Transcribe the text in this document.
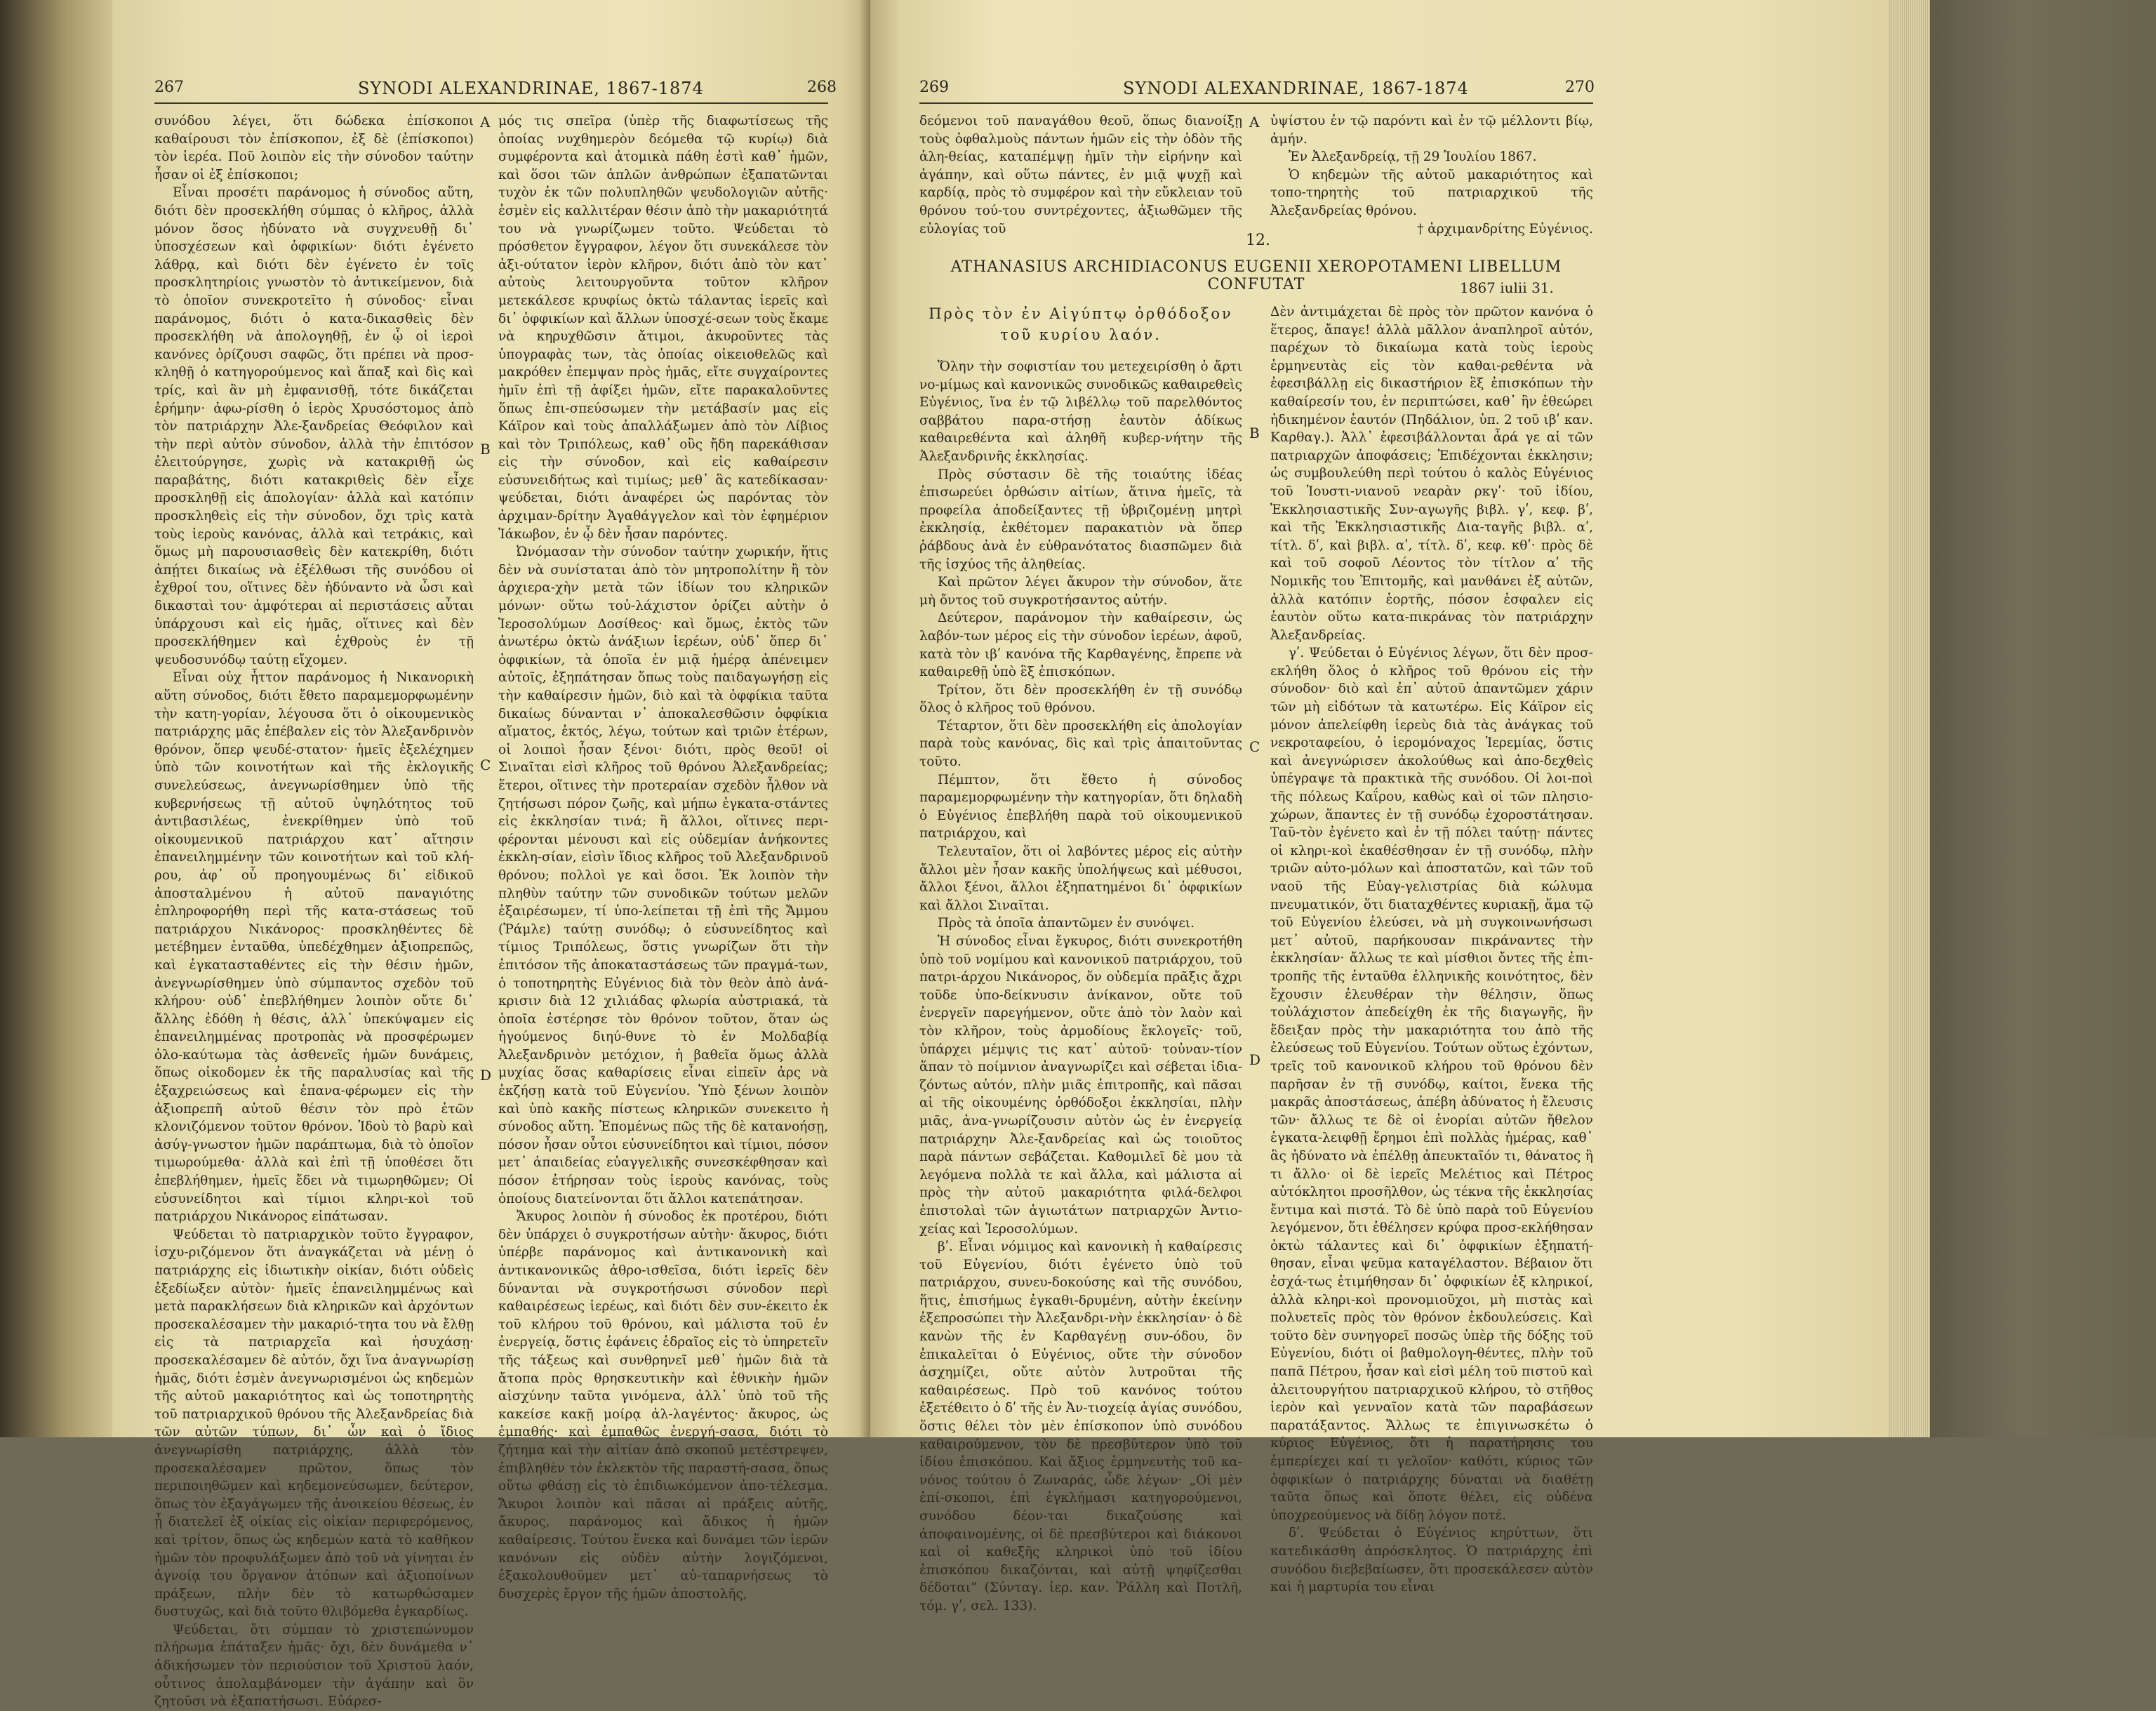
267	SYNODI ALEXANDRINAE, 1867-1874	268

συνόδου λέγει, ὅτι δώδεκα ἐπίσκοποι καθαίρουσι τὸν ἐπίσκοπον, ἐξ δὲ (ἐπίσκοποι) τὸν ἱερέα. Ποῦ λοιπὸν εἰς τὴν σύνοδον ταύτην ἦσαν οἱ ἐξ ἐπίσκοποι;

Εἶναι προσέτι παράνομος ἡ σύνοδος αὕτη, διότι δὲν προσεκλήθη σύμπας ὁ κλῆρος, ἀλλὰ μόνον ὅσος ἠδύνατο νὰ συγχνευθῇ δι᾽ ὑποσχέσεων καὶ ὀφφικίων· διότι ἐγένετο λάθρᾳ, καὶ διότι δὲν ἐγένετο ἐν τοῖς προσκλητηρίοις γνωστὸν τὸ ἀντικείμενον, διὰ τὸ ὁποῖον συνεκροτεῖτο ἡ σύνοδος· εἶναι παράνομος, διότι ὁ κατα-δικασθεὶς δὲν προσεκλήθη νὰ ἀπολογηθῇ, ἐν ᾧ οἱ ἱεροὶ κανόνες ὁρίζουσι σαφῶς, ὅτι πρέπει νὰ προσ-κληθῇ ὁ κατηγορούμενος καὶ ἅπαξ καὶ δὶς καὶ τρίς, καὶ ἂν μὴ ἐμφανισθῇ, τότε δικάζεται ἐρήμην· ἀφω-ρίσθη ὁ ἱερὸς Χρυσόστομος ἀπὸ τὸν πατριάρχην Ἀλε-ξανδρείας Θεόφιλον καὶ τὴν περὶ αὐτὸν σύνοδον, ἀλλὰ τὴν ἐπιτόσον ἐλειτούργησε, χωρὶς νὰ κατακριθῇ ὡς παραβάτης, διότι κατακριθεὶς δὲν εἶχε προσκληθῇ εἰς ἀπολογίαν· ἀλλὰ καὶ κατόπιν προσκληθεὶς εἰς τὴν σύνοδον, ὄχι τρὶς κατὰ τοὺς ἱεροὺς κανόνας, ἀλλὰ καὶ τετράκις, καὶ ὅμως μὴ παρουσιασθεὶς δὲν κατεκρίθη, διότι ἀπῄτει δικαίως νὰ ἐξέλθωσι τῆς συνόδου οἱ ἐχθροί του, οἵτινες δὲν ἠδύναντο νὰ ὦσι καὶ δικασταὶ του· ἀμφότεραι αἱ περιστάσεις αὗται ὑπάρχουσι καὶ εἰς ἡμᾶς, οἵτινες καὶ δὲν προσεκλήθημεν καὶ ἐχθροὺς ἐν τῇ ψευδοσυνόδῳ ταύτῃ εἴχομεν.

Εἶναι οὐχ ἧττον παράνομος ἡ Νικανορικὴ αὕτη σύνοδος, διότι ἔθετο παραμεμορφωμένην τὴν κατη-γορίαν, λέγουσα ὅτι ὁ οἰκουμενικὸς πατριάρχης μᾶς ἐπέβαλεν εἰς τὸν Ἀλεξανδρινὸν θρόνον, ὅπερ ψευδέ-στατον· ἡμεῖς ἐξελέχημεν ὑπὸ τῶν κοινοτήτων καὶ τῆς ἐκλογικῆς συνελεύσεως, ἀνεγνωρίσθημεν ὑπὸ τῆς κυβερνήσεως τῇ αὐτοῦ ὑψηλότητος τοῦ ἀντιβασιλέως, ἐνεκρίθημεν ὑπὸ τοῦ οἰκουμενικοῦ πατριάρχου κατ᾽ αἴτησιν ἐπανειλημμένην τῶν κοινοτήτων καὶ τοῦ κλή-ρου, ἀφ᾽ οὗ προηγουμένως δι᾽ εἰδικοῦ ἀποσταλμένου ἡ αὐτοῦ παναγιότης ἐπληροφορήθη περὶ τῆς κατα-στάσεως τοῦ πατριάρχου Νικάνορος· προσκληθέντες δὲ μετέβημεν ἐνταῦθα, ὑπεδέχθημεν ἀξιοπρεπῶς, καὶ ἐγκατασταθέντες εἰς τὴν θέσιν ἡμῶν, ἀνεγνωρίσθημεν ὑπὸ σύμπαντος σχεδὸν τοῦ κλήρου· οὐδ᾽ ἐπεβλήθημεν λοιπὸν οὔτε δι᾽ ἄλλης ἐδόθη ἡ θέσις, ἀλλ᾽ ὑπεκύψαμεν εἰς ἐπανειλημμένας προτροπὰς νὰ προσφέρωμεν ὁλο-καύτωμα τὰς ἀσθενεῖς ἡμῶν δυνάμεις, ὅπως οἰκοδομεν ἐκ τῆς παραλυσίας καὶ τῆς ἐξαχρειώσεως καὶ ἐπανα-φέρωμεν εἰς τὴν ἀξιοπρεπῆ αὐτοῦ θέσιν τὸν πρὸ ἐτῶν κλονιζόμενον τοῦτον θρόνον. Ἰδοὺ τὸ βαρὺ καὶ ἀσύγ-γνωστον ἡμῶν παράπτωμα, διὰ τὸ ὁποῖον τιμωρούμεθα· ἀλλὰ καὶ ἐπὶ τῇ ὑποθέσει ὅτι ἐπεβλήθημεν, ἡμεῖς ἔδει νὰ τιμωρηθῶμεν; Οἱ εὐσυνείδητοι καὶ τίμιοι κληρι-κοὶ τοῦ πατριάρχου Νικάνορος εἰπάτωσαν.

Ψεύδεται τὸ πατριαρχικὸν τοῦτο ἔγγραφον, ἰσχυ-ριζόμενον ὅτι ἀναγκάζεται νὰ μένῃ ὁ πατριάρχης εἰς ἰδιωτικὴν οἰκίαν, διότι οὐδεὶς ἐξεδίωξεν αὐτὸν· ἡμεῖς ἐπανειλημμένως καὶ μετὰ παρακλήσεων διὰ κληρικῶν καὶ ἀρχόντων προσεκαλέσαμεν τὴν μακαριό-τητα του νὰ ἔλθῃ εἰς τὰ πατριαρχεῖα καὶ ἡσυχάσῃ· προσεκαλέσαμεν δὲ αὐτόν, ὄχι ἵνα ἀναγνωρίσῃ ἡμᾶς, διότι ἐσμὲν ἀνεγνωρισμένοι ὡς κηδεμὼν τῆς αὐτοῦ μακαριότητος καὶ ὡς τοποτηρητὴς τοῦ πατριαρχικοῦ θρόνου τῆς Ἀλεξανδρείας διὰ τῶν αὐτῶν τύπων, δι᾽ ὧν καὶ ὁ ἴδιος ἀνεγνωρίσθη πατριάρχης, ἀλλὰ τὸν προσεκαλέσαμεν πρῶτον, ὅπως τὸν περιποιηθῶμεν καὶ κηδεμονεύσωμεν, δεύτερον, ὅπως τὸν ἐξαγάγωμεν τῆς ἀνοικείου θέσεως, ἐν ᾗ διατελεῖ ἐξ οἰκίας εἰς οἰκίαν περιφερόμενος, καὶ τρίτον, ὅπως ὡς κηδεμὼν κατὰ τὸ καθῆκον ἡμῶν τὸν προφυλάξωμεν ἀπὸ τοῦ νὰ γίνηται ἐν ἀγνοίᾳ του ὄργανον ἀτόπων καὶ ἀξιοποίνων πράξεων, πλὴν δὲν τὸ κατωρθώσαμεν δυστυχῶς, καὶ διὰ τοῦτο θλιβόμεθα ἐγκαρδίως.

Ψεύδεται, ὅτι σύμπαν τὸ χριστεπώνυμον πλήρωμα ἐπάταξεν ἡμᾶς· ὄχι, δὲν δυνάμεθα ν᾽ ἀδικήσωμεν τὸν περιούσιον τοῦ Χριστοῦ λαόν, οὗτινος ἀπολαμβάνομεν τὴν ἀγάπην καὶ ὃν ζητοῦσι νὰ ἐξαπατήσωσι. Εὐάρεσ-

A
B
C
D

μός τις σπεῖρα (ὑπὲρ τῆς διαφωτίσεως τῆς ὁποίας νυχθημερὸν δεόμεθα τῷ κυρίῳ) διὰ συμφέροντα καὶ ἀτομικὰ πάθη ἐστὶ καθ᾽ ἡμῶν, καὶ ὅσοι τῶν ἁπλῶν ἀνθρώπων ἐξαπατῶνται τυχὸν ἐκ τῶν πολυπληθῶν ψευδολογιῶν αὐτῆς· ἐσμὲν εἰς καλλιτέραν θέσιν ἀπὸ τὴν μακαριότητά του νὰ γνωρίζωμεν τοῦτο. Ψεύδεται τὸ πρόσθετον ἔγγραφον, λέγον ὅτι συνεκάλεσε τὸν ἀξι-ούτατον ἱερὸν κλῆρον, διότι ἀπὸ τὸν κατ᾽ αὐτοὺς λειτουργοῦντα τοῦτον κλῆρον μετεκάλεσε κρυφίως ὀκτὼ τάλαντας ἱερεῖς καὶ δι᾽ ὀφφικίων καὶ ἄλλων ὑποσχέ-σεων τοὺς ἔκαμε νὰ κηρυχθῶσιν ἄτιμοι, ἀκυροῦντες τὰς ὑπογραφὰς των, τὰς ὁποίας οἰκειοθελῶς καὶ μακρόθεν ἐπεμψαν πρὸς ἡμᾶς, εἴτε συγχαίροντες ἡμῖν ἐπὶ τῇ ἀφίξει ἡμῶν, εἴτε παρακαλοῦντες ὅπως ἐπι-σπεύσωμεν τὴν μετάβασίν μας εἰς Κάϊρον καὶ τοὺς ἀπαλλάξωμεν ἀπὸ τὸν Λίβιος καὶ τὸν Τριπόλεως, καθ᾽ οὓς ἤδη παρεκάθισαν εἰς τὴν σύνοδον, καὶ εἰς καθαίρεσιν εὐσυνειδήτως καὶ τιμίως; μεθ᾽ ἃς κατεδίκασαν· ψεύδεται, διότι ἀναφέρει ὡς παρόντας τὸν ἀρχιμαν-δρίτην Ἀγαθάγγελον καὶ τὸν ἐφημέριον Ἰάκωβον, ἐν ᾧ δὲν ἦσαν παρόντες.

Ὠνόμασαν τὴν σύνοδον ταύτην χωρικήν, ἥτις δὲν νὰ συνίσταται ἀπὸ τὸν μητροπολίτην ἢ τὸν ἀρχιερα-χὴν μετὰ τῶν ἰδίων του κληρικῶν μόνων· οὕτω τοὐ-λάχιστον ὁρίζει αὐτὴν ὁ Ἱεροσολύμων Δοσίθεος· καὶ ὅμως, ἐκτὸς τῶν ἀνωτέρω ὀκτὼ ἀνάξιων ἱερέων, οὐδ᾽ ὅπερ δι᾽ ὀφφικίων, τὰ ὁποῖα ἐν μιᾷ ἡμέρᾳ ἀπένειμεν αὐτοῖς, ἐξηπάτησαν ὅπως τοὺς παιδαγωγήσῃ εἰς τὴν καθαίρεσιν ἡμῶν, διὸ καὶ τὰ ὀφφίκια ταῦτα δικαίως δύνανται ν᾽ ἀποκαλεσθῶσιν ὀφφίκια αἵματος, ἐκτός, λέγω, τούτων καὶ τριῶν ἑτέρων, οἱ λοιποὶ ἦσαν ξένοι· διότι, πρὸς θεοῦ! οἱ Σιναῖται εἰσὶ κλῆρος τοῦ θρόνου Ἀλεξανδρείας; ἕτεροι, οἵτινες τὴν προτεραίαν σχεδὸν ἦλθον νὰ ζητήσωσι πόρον ζωῆς, καὶ μήπω ἐγκατα-στάντες εἰς ἐκκλησίαν τινά; ἢ ἄλλοι, οἵτινες περι-φέρονται μένουσι καὶ εἰς οὐδεμίαν ἀνήκοντες ἐκκλη-σίαν, εἰσὶν ἴδιος κλῆρος τοῦ Ἀλεξανδρινοῦ θρόνου; πολλοὶ γε καὶ ὅσοι. Ἐκ λοιπὸν τὴν πληθὺν ταύτην τῶν συνοδικῶν τούτων μελῶν ἐξαιρέσωμεν, τί ὑπο-λείπεται τῇ ἐπὶ τῆς Ἄμμου (Ῥάμλε) ταύτῃ συνόδῳ; ὁ εὐσυνείδητος καὶ τίμιος Τριπόλεως, ὅστις γνωρίζων ὅτι τὴν ἐπιτόσον τῆς ἀποκαταστάσεως τῶν πραγμά-των, ὁ τοποτηρητὴς Εὐγένιος διὰ τὸν θεὸν ἀπὸ ἀνά-κρισιν διὰ 12 χιλιάδας φλωρία αὐστριακά, τὰ ὁποῖα ἐστέρησε τὸν θρόνον τοῦτον, ὅταν ὡς ἡγούμενος διηύ-θυνε τὸ ἐν Μολδαβίᾳ Ἀλεξανδρινὸν μετόχιον, ἡ βαθεῖα ὅμως ἀλλὰ μυχίας ὅσας καθαρίσεις εἶναι εἰπεῖν ἀρς νὰ ἐκζήσῃ κατὰ τοῦ Εὐγενίου. Ὑπὸ ξένων λοιπὸν καὶ ὑπὸ κακῆς πίστεως κληρικῶν συνεκειτο ἡ σύνοδος αὕτη. Ἐπομένως πῶς τῆς δὲ κατανοήσῃ, πόσον ἦσαν οὗτοι εὐσυνείδητοι καὶ τίμιοι, πόσον μετ᾽ ἀπαιδείας εὐαγγελικῆς συνεσκέφθησαν καὶ πόσον ἐτήρησαν τοὺς ἱεροὺς κανόνας, τοὺς ὁποίους διατείνονται ὅτι ἄλλοι κατεπάτησαν.

Ἄκυρος λοιπὸν ἡ σύνοδος ἐκ προτέρου, διότι δὲν ὑπάρχει ὁ συγκροτήσων αὐτὴν· ἄκυρος, διότι ὑπέρβε παράνομος καὶ ἀντικανονικὴ καὶ ἀντικανονικῶς ἀθρο-ισθεῖσα, διότι ἱερεῖς δὲν δύνανται νὰ συγκροτήσωσι σύνοδον περὶ καθαιρέσεως ἱερέως, καὶ διότι δὲν συν-έκειτο ἐκ τοῦ κλήρου τοῦ θρόνου, καὶ μάλιστα τοῦ ἐν ἐνεργείᾳ, ὅστις ἐφάνεις ἑδραῖος εἰς τὸ ὑπηρετεῖν τῆς τάξεως καὶ συνθρηνεῖ μεθ᾽ ἡμῶν διὰ τὰ ἄτοπα πρὸς θρησκευτικὴν καὶ ἐθνικὴν ἡμῶν αἰσχύνην ταῦτα γινόμενα, ἀλλ᾽ ὑπὸ τοῦ τῆς κακείσε κακῇ μοίρᾳ ἀλ-λαγέντος· ἄκυρος, ὡς ἐμπαθής· καὶ ἐμπαθῶς ἐνεργή-σασα, διότι τὸ ζήτημα καὶ τὴν αἰτίαν ἀπὸ σκοποῦ μετέστρεψεν, ἐπιβληθὲν τὸν ἐκλεκτὸν τῆς παραστή-σασα, ὅπως οὕτω φθάσῃ εἰς τὸ ἐπιδιωκόμενον ἀπο-τέλεσμα. Ἄκυροι λοιπὸν καὶ πᾶσαι αἱ πράξεις αὐτῆς, ἄκυρος, παράνομος καὶ ἄδικος ἡ ἡμῶν καθαίρεσις. Τούτου ἕνεκα καὶ δυνάμει τῶν ἱερῶν κανόνων εἰς οὐδὲν αὐτὴν λογιζόμενοι, ἐξακολουθοῦμεν μετ᾽ αὐ-ταπαρνήσεως τὸ δυσχερὲς ἔργον τῆς ἡμῶν ἀποστολῆς,

269	SYNODI ALEXANDRINAE, 1867-1874	270

δεόμενοι τοῦ παναγάθου θεοῦ, ὅπως διανοίξῃ τοὺς ὀφθαλμοὺς πάντων ἡμῶν εἰς τὴν ὁδὸν τῆς ἀλη-θείας, καταπέμψῃ ἡμῖν τὴν εἰρήνην καὶ ἀγάπην, καὶ οὕτω πάντες, ἐν μιᾷ ψυχῇ καὶ καρδίᾳ, πρὸς τὸ συμφέρον καὶ τὴν εὔκλειαν τοῦ θρόνου τού-του συντρέχοντες, ἀξιωθῶμεν τῆς εὐλογίας τοῦ

ὑψίστου ἐν τῷ παρόντι καὶ ἐν τῷ μέλλοντι βίῳ, ἀμήν.

Ἐν Ἀλεξανδρείᾳ, τῇ 29 Ἰουλίου 1867.

Ὁ κηδεμὼν τῆς αὐτοῦ μακαριότητος καὶ τοπο-τηρητὴς τοῦ πατριαρχικοῦ τῆς Ἀλεξανδρείας θρόνου.

† ἀρχιμανδρίτης Εὐγένιος.

12.
ATHANASIUS ARCHIDIACONUS EUGENII XEROPOTAMENI LIBELLUM CONFUTAT	1867 iulii 31.
Πρὸς τὸν ἐν Αἰγύπτῳ ὀρθόδοξον τοῦ κυρίου λαόν.

Ὅλην τὴν σοφιστίαν του μετεχειρίσθη ὁ ἄρτι νο-μίμως καὶ κανονικῶς συνοδικῶς καθαιρεθεὶς Εὐγένιος, ἵνα ἐν τῷ λιβέλλῳ τοῦ παρελθόντος σαββάτου παρα-στήσῃ ἑαυτὸν ἀδίκως καθαιρεθέντα καὶ ἀληθῆ κυβερ-νήτην τῆς Ἀλεξανδρινῆς ἐκκλησίας.

Πρὸς σύστασιν δὲ τῆς τοιαύτης ἰδέας ἐπισωρεύει ὀρθώσιν αἰτίων, ἅτινα ἡμεῖς, τὰ προφείλα ἀποδείξαντες τῇ ὑβριζομένῃ μητρὶ ἐκκλησίᾳ, ἐκθέτομεν παρακατιὸν νὰ ὅπερ ῥάβδους ἀνὰ ἐν εὐθρανότατος διασπῶμεν διὰ τῆς ἰσχύος τῆς ἀληθείας.

Καὶ πρῶτον λέγει ἄκυρον τὴν σύνοδον, ἅτε μὴ ὄντος τοῦ συγκροτήσαντος αὐτήν.

Δεύτερον, παράνομον τὴν καθαίρεσιν, ὡς λαβόν-των μέρος εἰς τὴν σύνοδον ἱερέων, ἀφοῦ, κατὰ τὸν ιβʹ κανόνα τῆς Καρθαγένης, ἔπρεπε νὰ καθαιρεθῇ ὑπὸ ἓξ ἐπισκόπων.

Τρίτον, ὅτι δὲν προσεκλήθη ἐν τῇ συνόδῳ ὅλος ὁ κλῆρος τοῦ θρόνου.

Τέταρτον, ὅτι δὲν προσεκλήθη εἰς ἀπολογίαν παρὰ τοὺς κανόνας, δὶς καὶ τρὶς ἀπαιτοῦντας τοῦτο.

Πέμπτον, ὅτι ἔθετο ἡ σύνοδος παραμεμορφωμένην τὴν κατηγορίαν, ὅτι δηλαδὴ ὁ Εὐγένιος ἐπεβλήθη παρὰ τοῦ οἰκουμενικοῦ πατριάρχου, καὶ

Τελευταῖον, ὅτι οἱ λαβόντες μέρος εἰς αὐτὴν ἄλλοι μὲν ἦσαν κακῆς ὑπολήψεως καὶ μέθυσοι, ἄλλοι ξένοι, ἄλλοι ἐξηπατημένοι δι᾽ ὀφφικίων καὶ ἄλλοι Σιναῖται.

Πρὸς τὰ ὁποῖα ἀπαντῶμεν ἐν συνόψει.

Ἡ σύνοδος εἶναι ἔγκυρος, διότι συνεκροτήθη ὑπὸ τοῦ νομίμου καὶ κανονικοῦ πατριάρχου, τοῦ πατρι-άρχου Νικάνορος, ὅν οὐδεμία πρᾶξις ἄχρι τοῦδε ὑπο-δείκνυσιν ἀνίκανον, οὔτε τοῦ ἐνεργεῖν παρεγήμενον, οὔτε ἀπὸ τὸν λαὸν καὶ τὸν κλῆρον, τοὺς ἁρμοδίους ἔκλογεῖς· τοῦ, ὑπάρχει μέμψις τις κατ᾽ αὐτοῦ· τοὐναν-τίον ἅπαν τὸ ποίμνιον ἀναγνωρίζει καὶ σέβεται ἰδια-ζόντως αὐτόν, πλὴν μιᾶς ἐπιτροπῆς, καὶ πᾶσαι αἱ τῆς οἰκουμένης ὀρθόδοξοι ἐκκλησίαι, πλὴν μιᾶς, ἀνα-γνωρίζουσιν αὐτὸν ὡς ἐν ἐνεργείᾳ πατριάρχην Ἀλε-ξανδρείας καὶ ὡς τοιοῦτος παρὰ πάντων σεβάζεται. Καθομιλεῖ δὲ μου τὰ λεγόμενα πολλὰ τε καὶ ἄλλα, καὶ μάλιστα αἱ πρὸς τὴν αὐτοῦ μακαριότητα φιλά-δελφοι ἐπιστολαὶ τῶν ἁγιωτάτων πατριαρχῶν Ἀντιο-χείας καὶ Ἱεροσολύμων.

βʹ. Εἶναι νόμιμος καὶ κανονικὴ ἡ καθαίρεσις τοῦ Εὐγενίου, διότι ἐγένετο ὑπὸ τοῦ πατριάρχου, συνευ-δοκούσης καὶ τῆς συνόδου, ἥτις, ἐπισήμως ἐγκαθι-δρυμένη, αὐτὴν ἐκείνην ἐξεπροσώπει τὴν Ἀλεξανδρι-νὴν ἐκκλησίαν· ὁ δὲ κανὼν τῆς ἐν Καρθαγένῃ συν-όδου, ὃν ἐπικαλεῖται ὁ Εὐγένιος, οὔτε τὴν σύνοδον ἀσχημίζει, οὔτε αὐτὸν λυτροῦται τῆς καθαιρέσεως. Πρὸ τοῦ κανόνος τούτου ἐξετέθειτο ὁ δʹ τῆς ἐν Ἀν-τιοχείᾳ ἁγίας συνόδου, ὅστις θέλει τὸν μὲν ἐπίσκοπον ὑπὸ συνόδου καθαιρούμενον, τὸν δὲ πρεσβύτερον ὑπὸ τοῦ ἰδίου ἐπισκόπου. Καὶ ἄξιος ἑρμηνευτὴς τοῦ κα-νόνος τούτου ὁ Ζωναράς, ὧδε λέγων· „Οἱ μὲν ἐπί-σκοποι, ἐπὶ ἐγκλήμασι κατηγορούμενοι, συνόδου δέον-ται δικαζούσης καὶ ἀποφαινομένης, οἱ δὲ πρεσβύτεροι καὶ διάκονοι καὶ οἱ καθεξῆς κληρικοὶ ὑπὸ τοῦ ἰδίου ἐπισκόπου δικαζόνται, καὶ αὐτῇ ψηφίζεσθαι δέδοται“ (Σύνταγ. ἱερ. καν. Ῥάλλη καὶ Ποτλῆ, τόμ. γʹ, σελ. 133).

A
B
C
D

Δὲν ἀντιμάχεται δὲ πρὸς τὸν πρῶτον κανόνα ὁ ἕτερος, ἄπαγε! ἀλλὰ μᾶλλον ἀναπληροῖ αὐτόν, παρέχων τὸ δικαίωμα κατὰ τοὺς ἱεροὺς ἑρμηνευτὰς εἰς τὸν καθαι-ρεθέντα νὰ ἐφεσιβάλλῃ εἰς δικαστήριον ἓξ ἐπισκόπων τὴν καθαίρεσίν του, ἐν περιπτώσει, καθ᾽ ἣν ἐθεώρει ἠδικημένον ἑαυτόν (Πηδάλιον, ὑπ. 2 τοῦ ιβʹ καν. Καρθαγ.). Ἀλλ᾽ ἐφεσιβάλλονται ἆρά γε αἱ τῶν πατριαρχῶν ἀποφάσεις; Ἐπιδέχονται ἐκκλησιν; ὡς συμβουλεύθη περὶ τούτου ὁ καλὸς Εὐγένιος τοῦ Ἰουστι-νιανοῦ νεαρὰν ρκγʹ· τοῦ ἰδίου, Ἐκκλησιαστικῆς Συν-αγωγῆς βιβλ. γʹ, κεφ. βʹ, καὶ τῆς Ἐκκλησιαστικῆς Δια-ταγῆς βιβλ. αʹ, τίτλ. δʹ, καὶ βιβλ. αʹ, τίτλ. δʹ, κεφ. κθʹ· πρὸς δὲ καὶ τοῦ σοφοῦ Λέοντος τὸν τίτλον αʹ τῆς Νομικῆς του Ἐπιτομῆς, καὶ μανθάνει ἐξ αὐτῶν, ἀλλὰ κατόπιν ἑορτῆς, πόσον ἐσφαλεν εἰς ἑαυτὸν οὕτω κατα-πικράνας τὸν πατριάρχην Ἀλεξανδρείας.

γʹ. Ψεύδεται ὁ Εὐγένιος λέγων, ὅτι δὲν προσ-εκλήθη ὅλος ὁ κλῆρος τοῦ θρόνου εἰς τὴν σύνοδον· διὸ καὶ ἐπ᾽ αὐτοῦ ἀπαντῶμεν χάριν τῶν μὴ εἰδότων τὰ κατωτέρω. Εἰς Κάϊρον εἰς μόνον ἀπελείφθη ἱερεὺς διὰ τὰς ἀνάγκας τοῦ νεκροταφείου, ὁ ἱερομόναχος Ἱερεμίας, ὅστις καὶ ἀνεγνώρισεν ἀκολούθως καὶ ἀπο-δεχθεὶς ὑπέγραψε τὰ πρακτικὰ τῆς συνόδου. Οἱ λοι-ποὶ τῆς πόλεως Καΐρου, καθὼς καὶ οἱ τῶν πλησιο-χώρων, ἅπαντες ἐν τῇ συνόδῳ ἐχοροστάτησαν. Ταῦ-τὸν ἐγένετο καὶ ἐν τῇ πόλει ταύτῃ· πάντες οἱ κληρι-κοὶ ἐκαθέσθησαν ἐν τῇ συνόδῳ, πλὴν τριῶν αὐτο-μόλων καὶ ἀποστατῶν, καὶ τῶν τοῦ ναοῦ τῆς Εὐαγ-γελιστρίας διὰ κώλυμα πνευματικόν, ὅτι διαταχθέντες κυριακῇ, ἅμα τῷ τοῦ Εὐγενίου ἐλεύσει, νὰ μὴ συγκοινωνήσωσι μετ᾽ αὐτοῦ, παρήκουσαν πικράναντες τὴν ἐκκλησίαν· ἄλλως τε καὶ μίσθιοι ὄντες τῆς ἐπι-τροπῆς τῆς ἐνταῦθα ἑλληνικῆς κοινότητος, δὲν ἔχουσιν ἐλευθέραν τὴν θέλησιν, ὅπως τοὐλάχιστον ἀπεδείχθη ἐκ τῆς διαγωγῆς, ἣν ἔδειξαν πρὸς τὴν μακαριότητα του ἀπὸ τῆς ἐλεύσεως τοῦ Εὐγενίου. Τούτων οὕτως ἐχόντων, τρεῖς τοῦ κανονικοῦ κλήρου τοῦ θρόνου δὲν παρῆσαν ἐν τῇ συνόδῳ, καίτοι, ἕνεκα τῆς μακρᾶς ἀποστάσεως, ἀπέβη ἀδύνατος ἡ ἔλευσις τῶν· ἄλλως τε δὲ οἱ ἐνορίαι αὐτῶν ἤθελον ἐγκατα-λειφθῇ ἔρημοι ἐπὶ πολλὰς ἡμέρας, καθ᾽ ἃς ἠδύνατο νὰ ἐπέλθῃ ἀπευκταῖόν τι, θάνατος ἢ τι ἄλλο· οἱ δὲ ἱερεῖς Μελέτιος καὶ Πέτρος αὐτόκλητοι προσῆλθον, ὡς τέκνα τῆς ἐκκλησίας ἔντιμα καὶ πιστά. Τὸ δὲ ὑπὸ παρὰ τοῦ Εὐγενίου λεγόμενον, ὅτι ἐθέλησεν κρύφα προσ-εκλήθησαν ὀκτὼ τάλαντες καὶ δι᾽ ὀφφικίων ἐξηπατή-θησαν, εἶναι ψεῦμα καταγέλαστον. Βέβαιον ὅτι ἐσχά-τως ἐτιμήθησαν δι᾽ ὀφφικίων ἐξ κληρικοί, ἀλλὰ κληρι-κοὶ προνομιοῦχοι, μὴ πιστὰς καὶ πολυετεῖς πρὸς τὸν θρόνον ἐκδουλεύσεις. Καὶ τοῦτο δὲν συνηγορεῖ ποσῶς ὑπὲρ τῆς δόξης τοῦ Εὐγενίου, διότι οἱ βαθμολογη-θέντες, πλὴν τοῦ παπᾶ Πέτρου, ἦσαν καὶ εἰσὶ μέλη τοῦ πιστοῦ καὶ ἀλειτουργήτου πατριαρχικοῦ κλήρου, τὸ στῆθος ἱερὸν καὶ γενναῖον κατὰ τῶν παραβάσεων παρατάξαντος. Ἄλλως τε ἐπιγινωσκέτω ὁ κύριος Εὐγένιος, ὅτι ἡ παρατήρησις του ἐμπερίεχει καί τι γελοῖον· καθότι, κύριος τῶν ὀφφικίων ὁ πατριάρχης δύναται νὰ διαθέτῃ ταῦτα ὅπως καὶ ὅποτε θέλει, εἰς οὐδένα ὑποχρεούμενος νὰ δίδῃ λόγον ποτέ.

δʹ. Ψεύδεται ὁ Εὐγένιος κηρύττων, ὅτι κατεδικάσθη ἀπρόσκλητος. Ὁ πατριάρχης ἐπὶ συνόδου διεβεβαίωσεν, ὅτι προσεκάλεσεν αὐτὸν καὶ ἡ μαρτυρία του εἶναι
